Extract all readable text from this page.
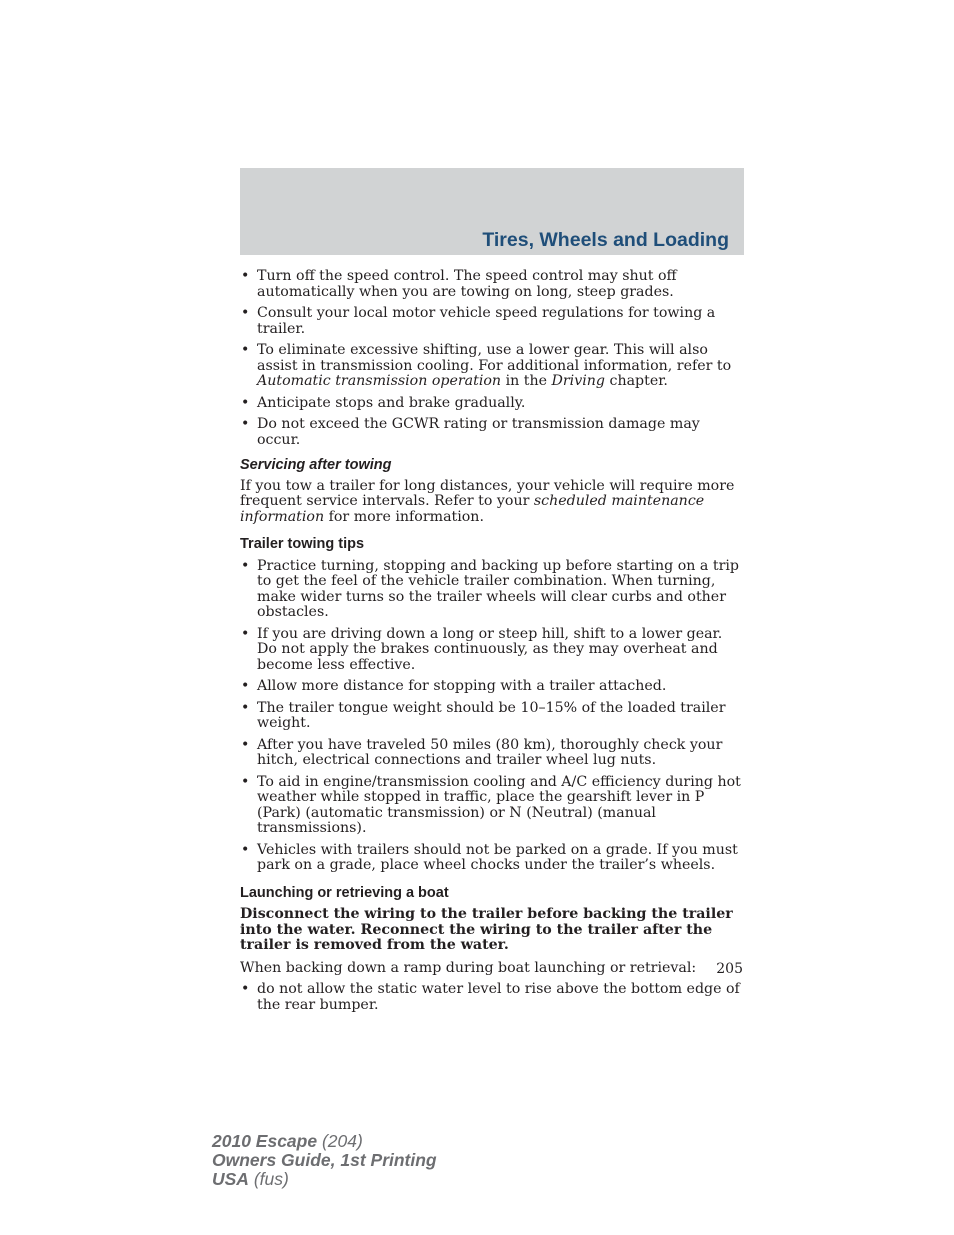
Tires, Wheels and Loading
• Turn off the speed control. The speed control may shut off automatically when you are towing on long, steep grades.
• Consult your local motor vehicle speed regulations for towing a trailer.
• To eliminate excessive shifting, use a lower gear. This will also assist in transmission cooling. For additional information, refer to Automatic transmission operation in the Driving chapter.
• Anticipate stops and brake gradually.
• Do not exceed the GCWR rating or transmission damage may occur.
Servicing after towing

If you tow a trailer for long distances, your vehicle will require more frequent service intervals. Refer to your scheduled maintenance information for more information.

Trailer towing tips
• Practice turning, stopping and backing up before starting on a trip to get the feel of the vehicle trailer combination. When turning, make wider turns so the trailer wheels will clear curbs and other obstacles.
• If you are driving down a long or steep hill, shift to a lower gear. Do not apply the brakes continuously, as they may overheat and become less effective.
• Allow more distance for stopping with a trailer attached.
• The trailer tongue weight should be 10–15% of the loaded trailer weight.
• After you have traveled 50 miles (80 km), thoroughly check your hitch, electrical connections and trailer wheel lug nuts.
• To aid in engine/transmission cooling and A/C efficiency during hot weather while stopped in traffic, place the gearshift lever in P (Park) (automatic transmission) or N (Neutral) (manual transmissions).
• Vehicles with trailers should not be parked on a grade. If you must park on a grade, place wheel chocks under the trailer’s wheels.
Launching or retrieving a boat

Disconnect the wiring to the trailer before backing the trailer into the water. Reconnect the wiring to the trailer after the trailer is removed from the water.

When backing down a ramp during boat launching or retrieval:

• do not allow the static water level to rise above the bottom edge of the rear bumper.
205
2010 Escape (204)
Owners Guide, 1st Printing
USA (fus)
